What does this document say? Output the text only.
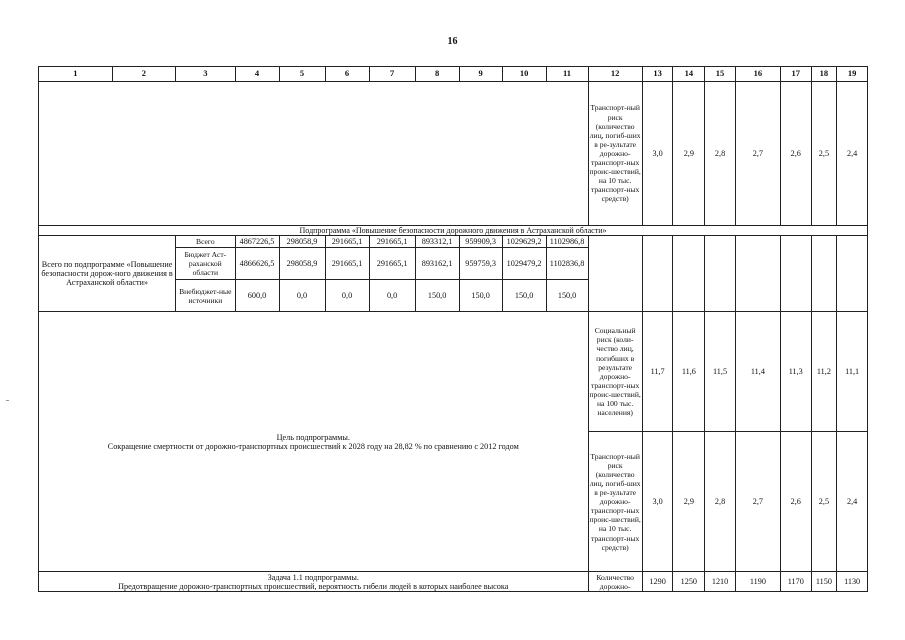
16
1	2	3	4	5	6	7	8	9	10	11	12	13	14	15	16	17	18	19
											Транспорт-ный риск (количество лиц, погиб-ших в ре-зультате дорожно-транспорт-ных проис-шествий, на 10 тыс. транспорт-ных средств)	3,0	2,9	2,8	2,7	2,6	2,5	2,4
Подпрограмма «Повышение безопасности дорожного движения в Астраханской области»																		
Всего по подпрограмме «Повышение безопасности дорож-ного движения в Астраханской области»		Всего	4867226,5	298058,9	291665,1	291665,1	893312,1	959909,3	1029629,2	1102986,8								
		Бюджет Аст-раханской области	4866626,5	298058,9	291665,1	291665,1	893162,1	959759,3	1029479,2	1102836,8								
		Внебюджет-ные источники	600,0	0,0	0,0	0,0	150,0	150,0	150,0	150,0								

Цель подпрограммы.
Сокращение смертности от дорожно-транспортных происшествий к 2028 году на 28,82 % по сравнению с 2012 годом											Социальный риск (коли-чество лиц, погибших в результате дорожно-транспорт-ных проис-шествий, на 100 тыс. населения)	11,7	11,6	11,5	11,4	11,3	11,2	11,1
											Транспорт-ный риск (количество лиц, погиб-ших в ре-зультате дорожно-транспорт-ных проис-шествий, на 10 тыс. транспорт-ных средств)	3,0	2,9	2,8	2,7	2,6	2,5	2,4

Задача 1.1 подпрограммы.
Предотвращение дорожно-транспортных происшествий, вероятность гибели людей в которых наиболее высока											Количество дорожно-	1290	1250	1210	1190	1170	1150	1130
